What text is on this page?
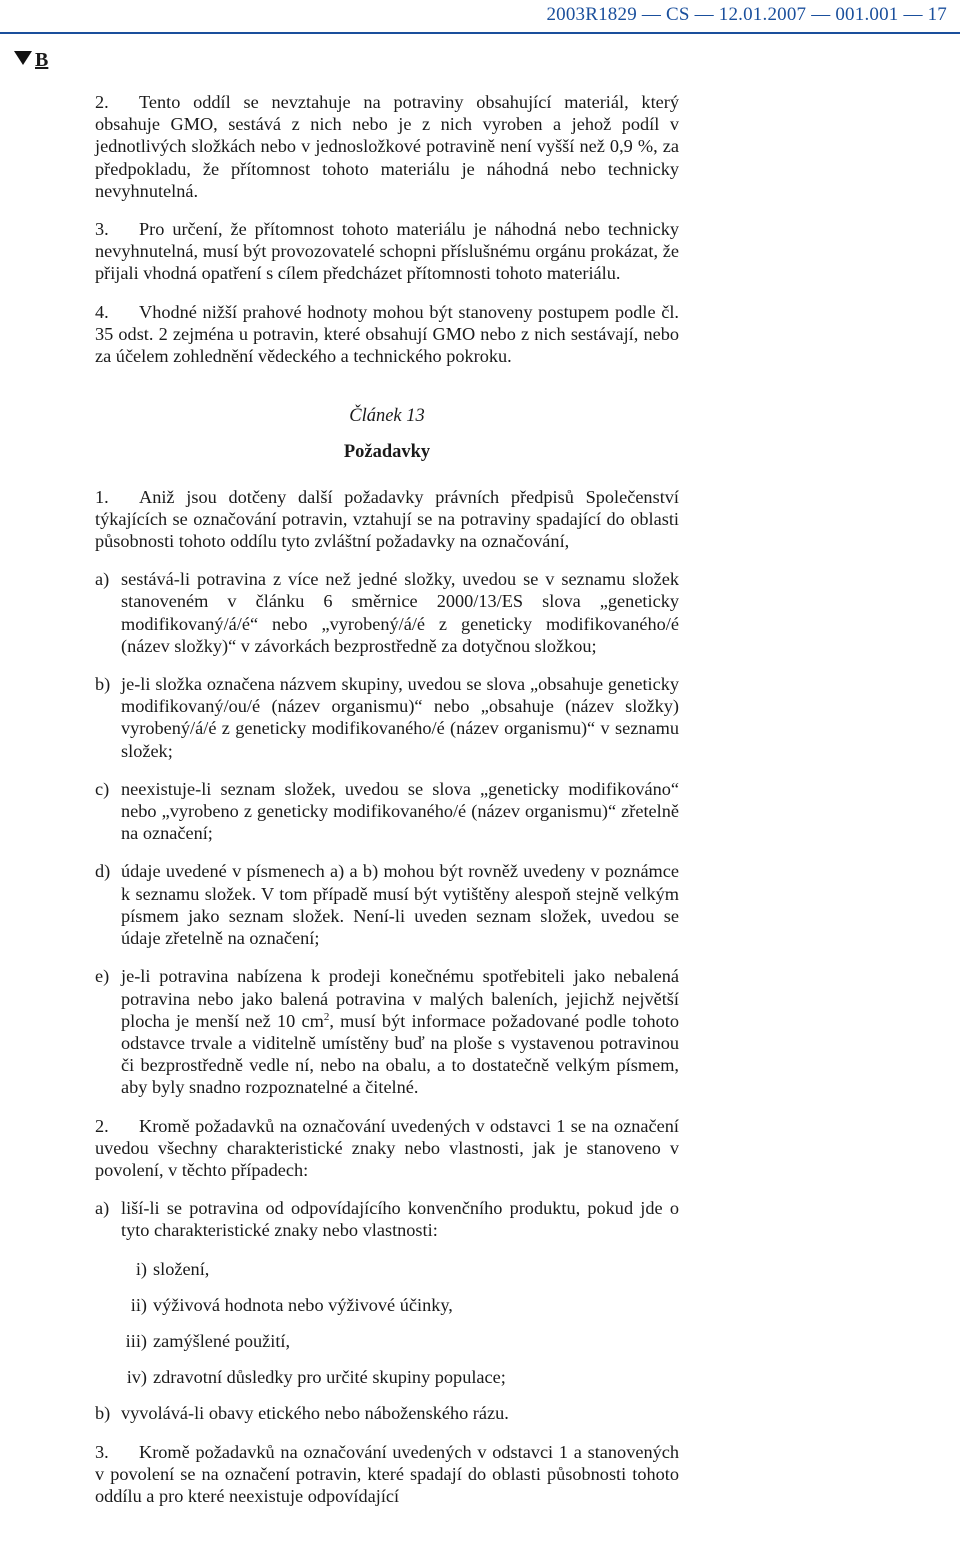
2003R1829 — CS — 12.01.2007 — 001.001 — 17
B

2. Tento oddíl se nevztahuje na potraviny obsahující materiál, který obsahuje GMO, sestává z nich nebo je z nich vyroben a jehož podíl v jednotlivých složkách nebo v jednosložkové potravině není vyšší než 0,9 %, za předpokladu, že přítomnost tohoto materiálu je náhodná nebo technicky nevyhnutelná.

3. Pro určení, že přítomnost tohoto materiálu je náhodná nebo technicky nevyhnutelná, musí být provozovatelé schopni příslušnému orgánu prokázat, že přijali vhodná opatření s cílem předcházet přítomnosti tohoto materiálu.

4. Vhodné nižší prahové hodnoty mohou být stanoveny postupem podle čl. 35 odst. 2 zejména u potravin, které obsahují GMO nebo z nich sestávají, nebo za účelem zohlednění vědeckého a technického pokroku.

Článek 13
Požadavky

1. Aniž jsou dotčeny další požadavky právních předpisů Společenství týkajících se označování potravin, vztahují se na potraviny spadající do oblasti působnosti tohoto oddílu tyto zvláštní požadavky na označování,

a) sestává-li potravina z více než jedné složky, uvedou se v seznamu složek stanoveném v článku 6 směrnice 2000/13/ES slova „geneticky modifikovaný/á/é“ nebo „vyrobený/á/é z geneticky modifikovaného/é (název složky)“ v závorkách bezprostředně za dotyčnou složkou;
b) je-li složka označena názvem skupiny, uvedou se slova „obsahuje geneticky modifikovaný/ou/é (název organismu)“ nebo „obsahuje (název složky) vyrobený/á/é z geneticky modifikovaného/é (název organismu)“ v seznamu složek;
c) neexistuje-li seznam složek, uvedou se slova „geneticky modifikováno“ nebo „vyrobeno z geneticky modifikovaného/é (název organismu)“ zřetelně na označení;
d) údaje uvedené v písmenech a) a b) mohou být rovněž uvedeny v poznámce k seznamu složek. V tom případě musí být vytištěny alespoň stejně velkým písmem jako seznam složek. Není-li uveden seznam složek, uvedou se údaje zřetelně na označení;
e) je-li potravina nabízena k prodeji konečnému spotřebiteli jako nebalená potravina nebo jako balená potravina v malých baleních, jejichž největší plocha je menší než 10 $cm^2$, musí být informace požadované podle tohoto odstavce trvale a viditelně umístěny buď na ploše s vystavenou potravinou či bezprostředně vedle ní, nebo na obalu, a to dostatečně velkým písmem, aby byly snadno rozpoznatelné a čitelné.

2. Kromě požadavků na označování uvedených v odstavci 1 se na označení uvedou všechny charakteristické znaky nebo vlastnosti, jak je stanoveno v povolení, v těchto případech:

a) liší-li se potravina od odpovídajícího konvenčního produktu, pokud jde o tyto charakteristické znaky nebo vlastnosti:
i) složení,
ii) výživová hodnota nebo výživové účinky,
iii) zamýšlené použití,
iv) zdravotní důsledky pro určité skupiny populace;
b) vyvolává-li obavy etického nebo náboženského rázu.

3. Kromě požadavků na označování uvedených v odstavci 1 a stanovených v povolení se na označení potravin, které spadají do oblasti působnosti tohoto oddílu a pro které neexistuje odpovídající
